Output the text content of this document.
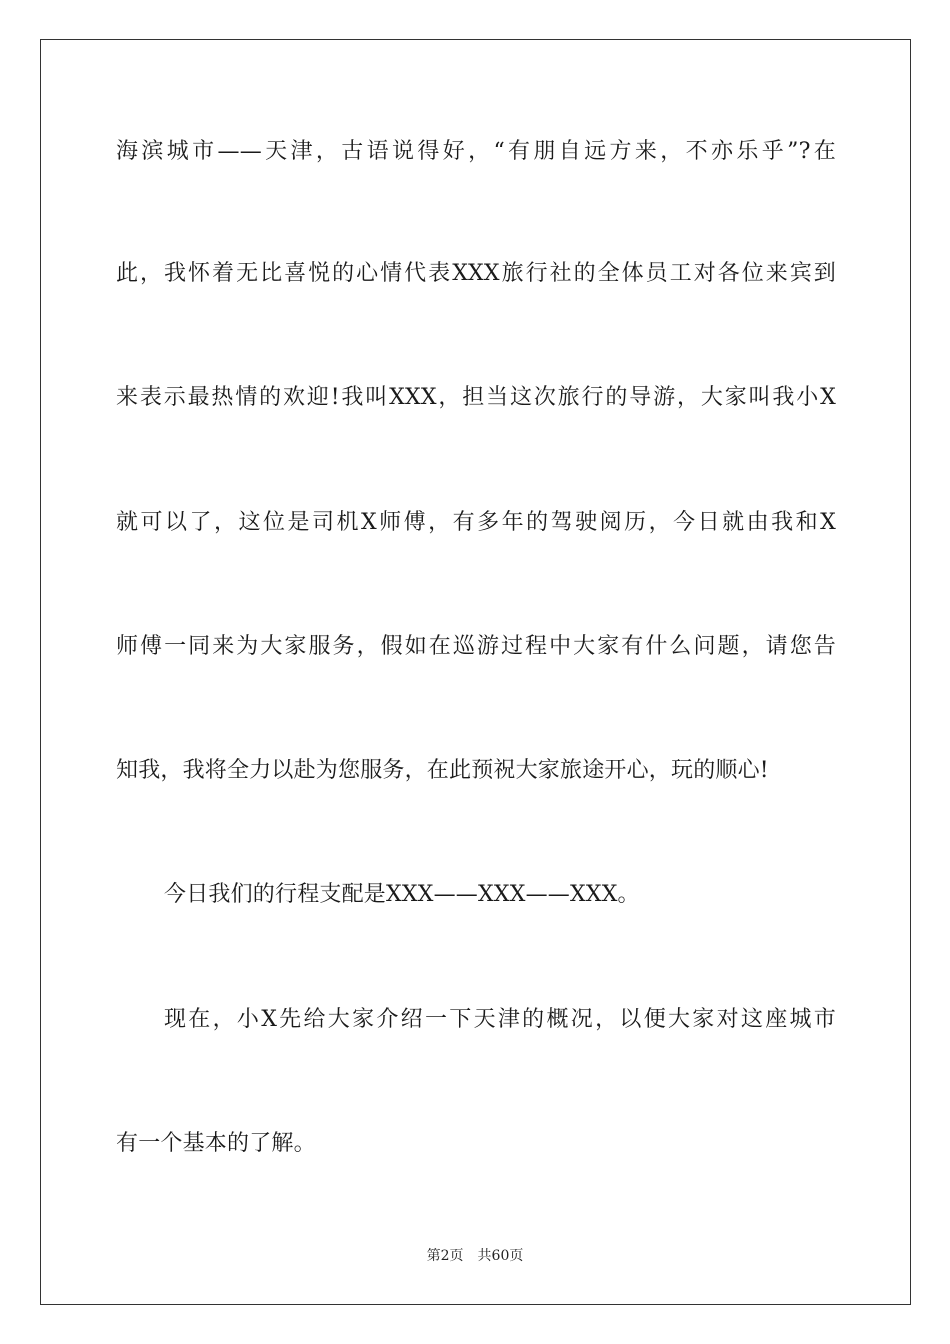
海滨城市——天津，古语说得好，“有朋自远方来，不亦乐乎”?在
此，我怀着无比喜悦的心情代表XXX旅行社的全体员工对各位来宾到
来表示最热情的欢迎!我叫XXX，担当这次旅行的导游，大家叫我小X
就可以了，这位是司机X师傅，有多年的驾驶阅历，今日就由我和X
师傅一同来为大家服务，假如在巡游过程中大家有什么问题，请您告
知我，我将全力以赴为您服务，在此预祝大家旅途开心，玩的顺心!
今日我们的行程支配是XXX——XXX——XXX。
现在，小X先给大家介绍一下天津的概况，以便大家对这座城市
有一个基本的了解。
第2页 共60页
